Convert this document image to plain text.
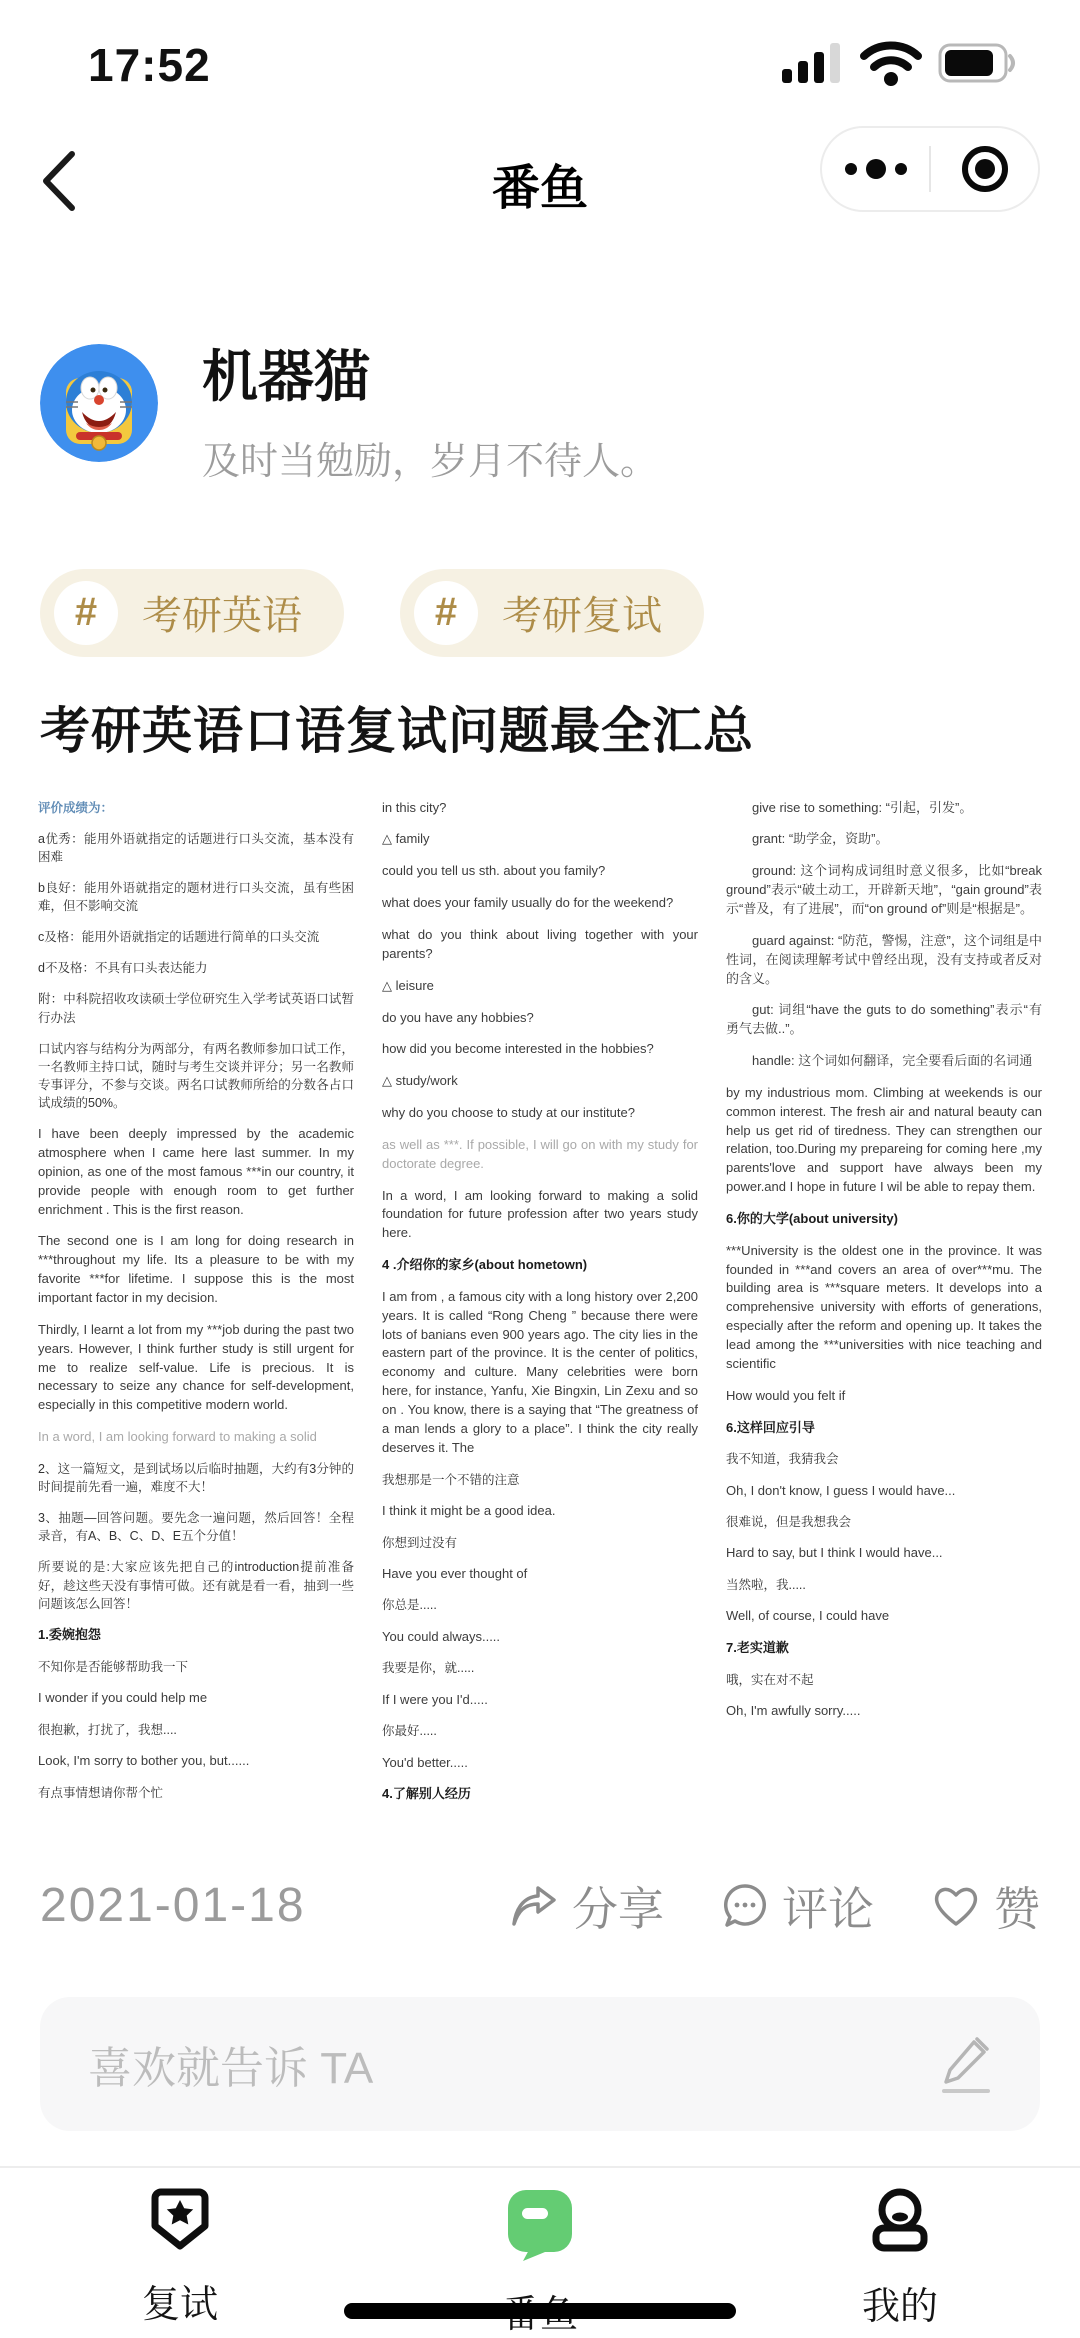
17:52
番鱼
机器猫
及时当勉励，岁月不待人。
#	考研英语	#	考研复试
考研英语口语复试问题最全汇总

评价成绩为：

a优秀：能用外语就指定的话题进行口头交流，基本没有困难

b良好：能用外语就指定的题材进行口头交流，虽有些困难，但不影响交流

c及格：能用外语就指定的话题进行简单的口头交流

d不及格：不具有口头表达能力

附：中科院招收攻读硕士学位研究生入学考试英语口试暂行办法

口试内容与结构分为两部分，有两名教师参加口试工作，一名教师主持口试，随时与考生交谈并评分；另一名教师专事评分，不参与交谈。两名口试教师所给的分数各占口试成绩的50%。

I have been deeply impressed by the academic atmosphere when I came here last summer. In my opinion, as one of the most famous ***in our country, it provide people with enough room to get further enrichment . This is the first reason.

The second one is I am long for doing research in ***throughout my life. Its a pleasure to be with my favorite ***for lifetime. I suppose this is the most important factor in my decision.

Thirdly, I learnt a lot from my ***job during the past two years. However, I think further study is still urgent for me to realize self-value. Life is precious. It is necessary to seize any chance for self-development, especially in this competitive modern world.

In a word, I am looking forward to making a solid

2、这一篇短文，是到试场以后临时抽题，大约有3分钟的时间提前先看一遍，难度不大！

3、抽题—回答问题。要先念一遍问题，然后回答！全程录音，有A、B、C、D、E五个分值！

所要说的是:大家应该先把自己的introduction提前准备好，趁这些天没有事情可做。还有就是看一看，抽到一些问题该怎么回答！

1.委婉抱怨

不知你是否能够帮助我一下

I wonder if you could help me

很抱歉，打扰了，我想....

Look, I'm sorry to bother you, but......

有点事情想请你帮个忙

in this city?

△ family

could you tell us sth. about you family?

what does your family usually do for the weekend?

what do you think about living together with your parents?

△ leisure

do you have any hobbies?

how did you become interested in the hobbies?

△ study/work

why do you choose to study at our institute?

as well as ***. If possible, I will go on with my study for doctorate degree.

In a word, I am looking forward to making a solid foundation for future profession after two years study here.

4 .介绍你的家乡(about hometown)

I am from , a famous city with a long history over 2,200 years. It is called “Rong Cheng ” because there were lots of banians even 900 years ago. The city lies in the eastern part of the province. It is the center of politics, economy and culture. Many celebrities were born here, for instance, Yanfu, Xie Bingxin, Lin Zexu and so on . You know, there is a saying that “The greatness of a man lends a glory to a place”. I think the city really deserves it. The

我想那是一个不错的注意

I think it might be a good idea.

你想到过没有

Have you ever thought of

你总是.....

You could always.....

我要是你，就.....

If I were you I'd.....

你最好.....

You'd better.....

4.了解别人经历

give rise to something: “引起，引发”。

grant: “助学金，资助”。

ground: 这个词构成词组时意义很多，比如“break ground”表示“破土动工，开辟新天地”，“gain ground”表示“普及，有了进展”，而“on ground of”则是“根据是”。

guard against: “防范，警惕，注意”，这个词组是中性词，在阅读理解考试中曾经出现，没有支持或者反对的含义。

gut: 词组“have the guts to do something”表示“有勇气去做..”。

handle: 这个词如何翻译，完全要看后面的名词通

by my industrious mom. Climbing at weekends is our common interest. The fresh air and natural beauty can help us get rid of tiredness. They can strengthen our relation, too.During my prepareing for coming here ,my parents'love and support have always been my power.and I hope in future I wil be able to repay them.

6.你的大学(about university)

***University is the oldest one in the province. It was founded in ***and covers an area of over***mu. The building area is ***square meters. It develops into a comprehensive university with efforts of generations, especially after the reform and opening up. It takes the lead among the ***universities with nice teaching and scientific

How would you felt if

6.这样回应引导

我不知道，我猜我会

Oh, I don't know, I guess I would have...

很难说，但是我想我会

Hard to say, but I think I would have...

当然啦，我.....

Well, of course, I could have

7.老实道歉

哦，实在对不起

Oh, I'm awfully sorry.....

2021-01-18	分享	评论	赞
喜欢就告诉 TA
复试	我的
